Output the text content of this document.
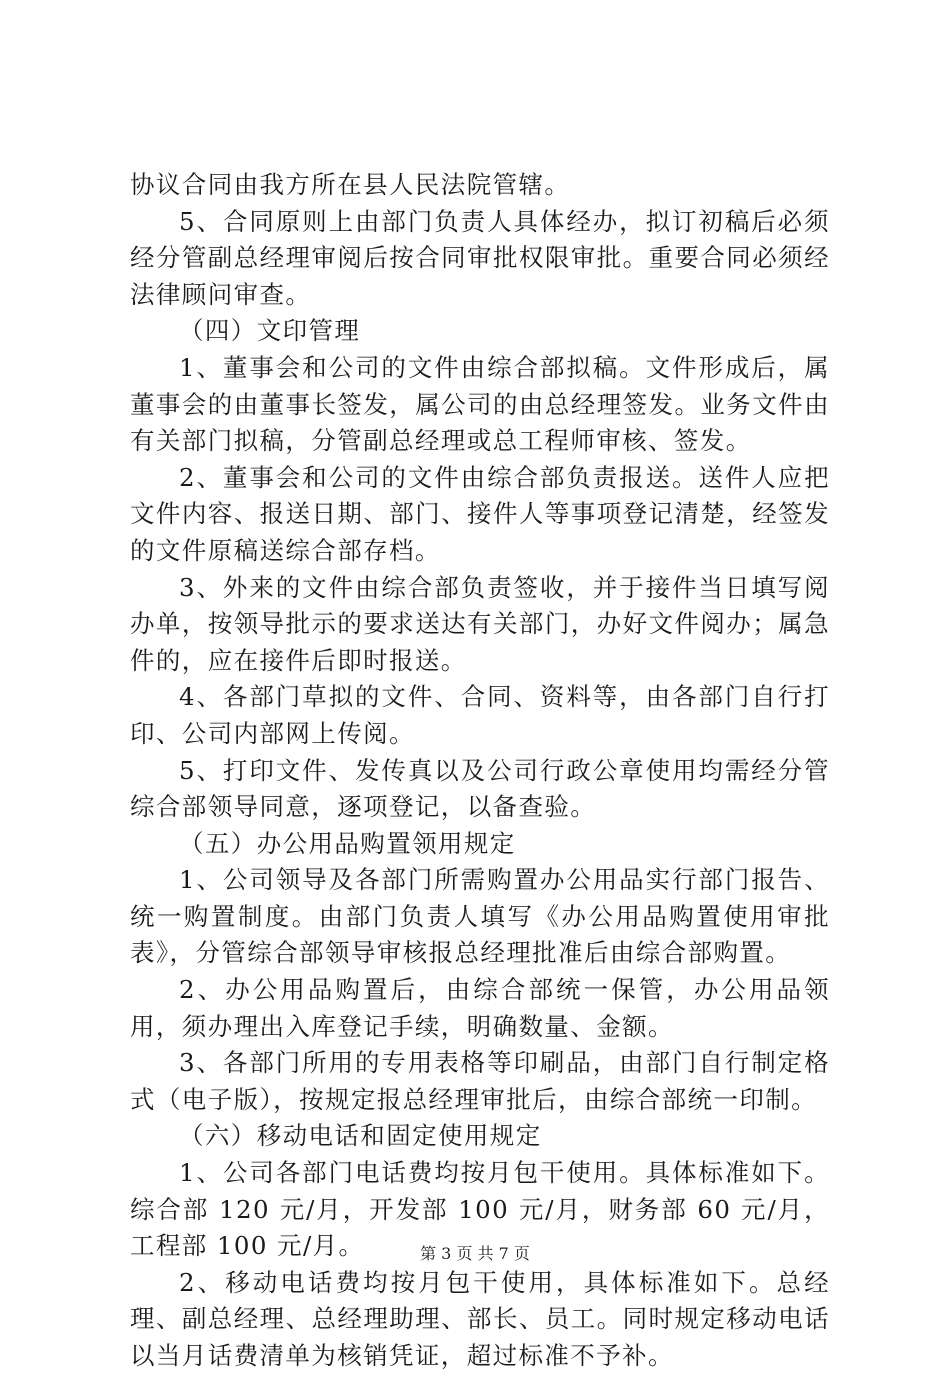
协议合同由我方所在县人民法院管辖。

5、合同原则上由部门负责人具体经办，拟订初稿后必须经分管副总经理审阅后按合同审批权限审批。重要合同必须经法律顾问审查。

（四）文印管理

1、董事会和公司的文件由综合部拟稿。文件形成后，属董事会的由董事长签发，属公司的由总经理签发。业务文件由有关部门拟稿，分管副总经理或总工程师审核、签发。

2、董事会和公司的文件由综合部负责报送。送件人应把文件内容、报送日期、部门、接件人等事项登记清楚，经签发的文件原稿送综合部存档。

3、外来的文件由综合部负责签收，并于接件当日填写阅办单，按领导批示的要求送达有关部门，办好文件阅办；属急件的，应在接件后即时报送。

4、各部门草拟的文件、合同、资料等，由各部门自行打印、公司内部网上传阅。

5、打印文件、发传真以及公司行政公章使用均需经分管综合部领导同意，逐项登记，以备查验。

（五）办公用品购置领用规定

1、公司领导及各部门所需购置办公用品实行部门报告、统一购置制度。由部门负责人填写《办公用品购置使用审批表》，分管综合部领导审核报总经理批准后由综合部购置。

2、办公用品购置后，由综合部统一保管，办公用品领用，须办理出入库登记手续，明确数量、金额。

3、各部门所用的专用表格等印刷品，由部门自行制定格式（电子版），按规定报总经理审批后，由综合部统一印制。

（六）移动电话和固定使用规定

1、公司各部门电话费均按月包干使用。具体标准如下。综合部 120 元/月，开发部 100 元/月，财务部 60 元/月，工程部 100 元/月。

2、移动电话费均按月包干使用，具体标准如下。总经理、副总经理、总经理助理、部长、员工。同时规定移动电话以当月话费清单为核销凭证，超过标准不予补。

第 3 页 共 7 页
